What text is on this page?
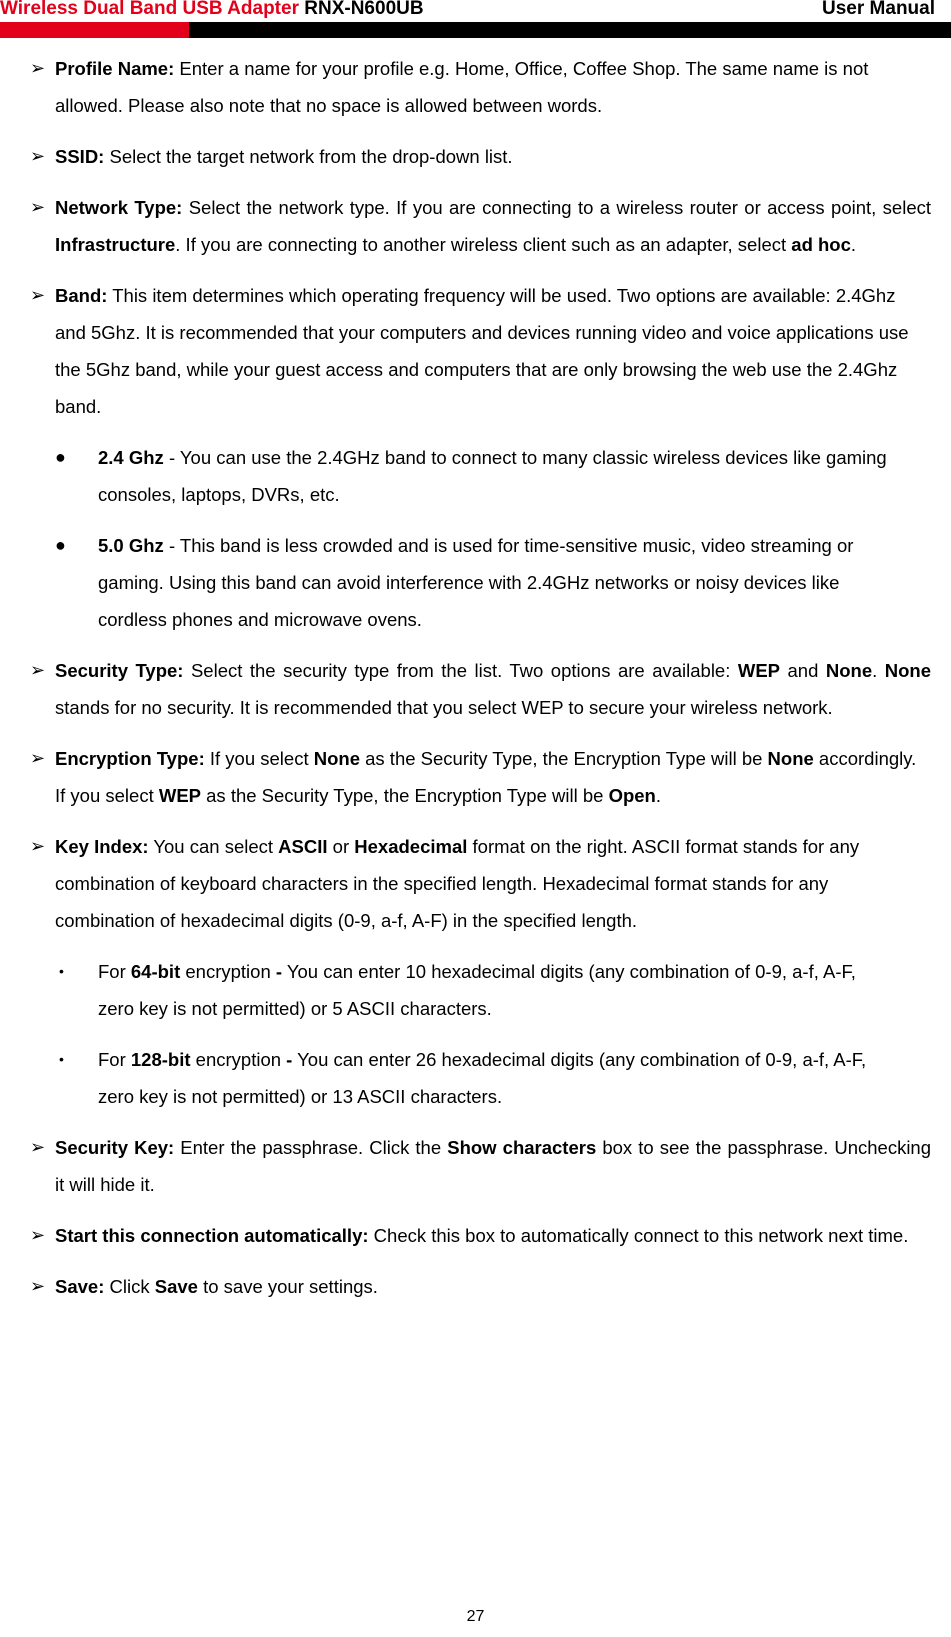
Wireless Dual Band USB Adapter RNX-N600UB	User Manual
➢ Profile Name: Enter a name for your profile e.g. Home, Office, Coffee Shop. The same name is not allowed. Please also note that no space is allowed between words.
➢ SSID: Select the target network from the drop-down list.
➢ Network Type: Select the network type. If you are connecting to a wireless router or access point, select Infrastructure. If you are connecting to another wireless client such as an adapter, select ad hoc.
➢ Band: This item determines which operating frequency will be used. Two options are available: 2.4Ghz and 5Ghz. It is recommended that your computers and devices running video and voice applications use the 5Ghz band, while your guest access and computers that are only browsing the web use the 2.4Ghz band.
● 2.4 Ghz - You can use the 2.4GHz band to connect to many classic wireless devices like gaming consoles, laptops, DVRs, etc.
● 5.0 Ghz - This band is less crowded and is used for time-sensitive music, video streaming or gaming. Using this band can avoid interference with 2.4GHz networks or noisy devices like cordless phones and microwave ovens.
➢ Security Type: Select the security type from the list. Two options are available: WEP and None. None stands for no security. It is recommended that you select WEP to secure your wireless network.
➢ Encryption Type: If you select None as the Security Type, the Encryption Type will be None accordingly. If you select WEP as the Security Type, the Encryption Type will be Open.
➢ Key Index: You can select ASCII or Hexadecimal format on the right. ASCII format stands for any combination of keyboard characters in the specified length. Hexadecimal format stands for any combination of hexadecimal digits (0-9, a-f, A-F) in the specified length.
• For 64-bit encryption - You can enter 10 hexadecimal digits (any combination of 0-9, a-f, A-F, zero key is not permitted) or 5 ASCII characters.
• For 128-bit encryption - You can enter 26 hexadecimal digits (any combination of 0-9, a-f, A-F, zero key is not permitted) or 13 ASCII characters.
➢ Security Key: Enter the passphrase. Click the Show characters box to see the passphrase. Unchecking it will hide it.
➢ Start this connection automatically: Check this box to automatically connect to this network next time.
➢ Save: Click Save to save your settings.
27
